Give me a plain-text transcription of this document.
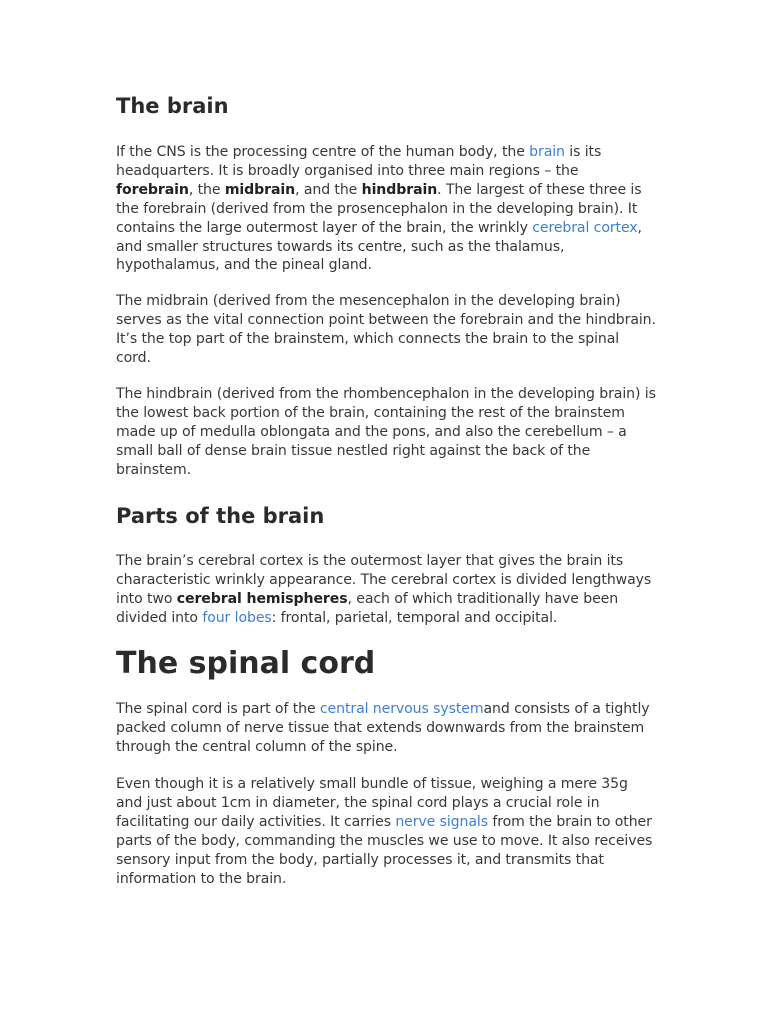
The brain

If the CNS is the processing centre of the human body, the brain is its headquarters. It is broadly organised into three main regions – the forebrain, the midbrain, and the hindbrain. The largest of these three is the forebrain (derived from the prosencephalon in the developing brain). It contains the large outermost layer of the brain, the wrinkly cerebral cortex, and smaller structures towards its centre, such as the thalamus, hypothalamus, and the pineal gland.

The midbrain (derived from the mesencephalon in the developing brain) serves as the vital connection point between the forebrain and the hindbrain. It’s the top part of the brainstem, which connects the brain to the spinal cord.

The hindbrain (derived from the rhombencephalon in the developing brain) is the lowest back portion of the brain, containing the rest of the brainstem made up of medulla oblongata and the pons, and also the cerebellum – a small ball of dense brain tissue nestled right against the back of the brainstem.

Parts of the brain

The brain’s cerebral cortex is the outermost layer that gives the brain its characteristic wrinkly appearance. The cerebral cortex is divided lengthways into two cerebral hemispheres, each of which traditionally have been divided into four lobes: frontal, parietal, temporal and occipital.

The spinal cord

The spinal cord is part of the central nervous systemand consists of a tightly packed column of nerve tissue that extends downwards from the brainstem through the central column of the spine.

Even though it is a relatively small bundle of tissue, weighing a mere 35g and just about 1cm in diameter, the spinal cord plays a crucial role in facilitating our daily activities. It carries nerve signals from the brain to other parts of the body, commanding the muscles we use to move. It also receives sensory input from the body, partially processes it, and transmits that information to the brain.
